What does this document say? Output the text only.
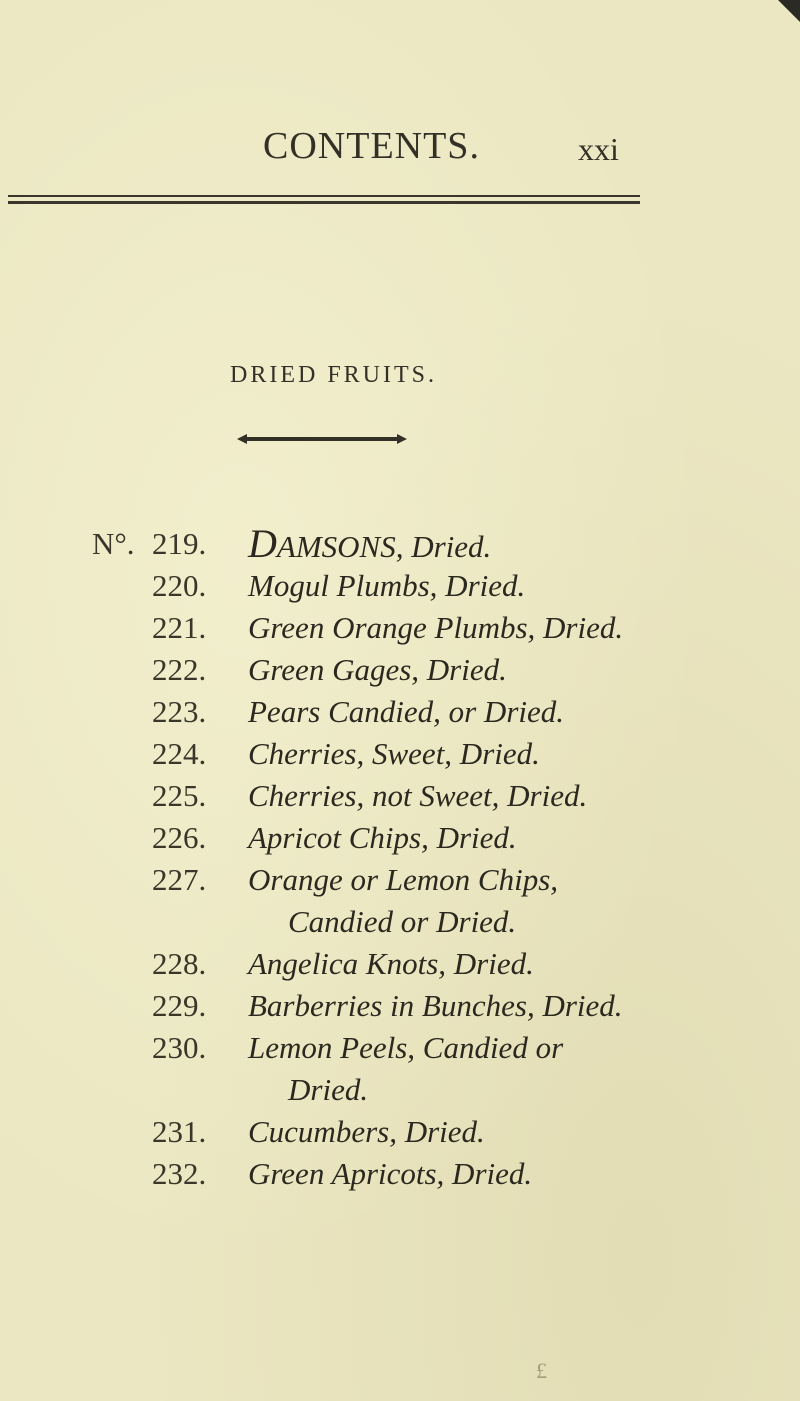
CONTENTS.	xxi
DRIED FRUITS.
N°. 219. DAMSONS, Dried.
220. Mogul Plumbs, Dried.
221. Green Orange Plumbs, Dried.
222. Green Gages, Dried.
223. Pears Candied, or Dried.
224. Cherries, Sweet, Dried.
225. Cherries, not Sweet, Dried.
226. Apricot Chips, Dried.
227. Orange or Lemon Chips,
Candied or Dried.
228. Angelica Knots, Dried.
229. Barberries in Bunches, Dried.
230. Lemon Peels, Candied or
Dried.
231. Cucumbers, Dried.
232. Green Apricots, Dried.
£
